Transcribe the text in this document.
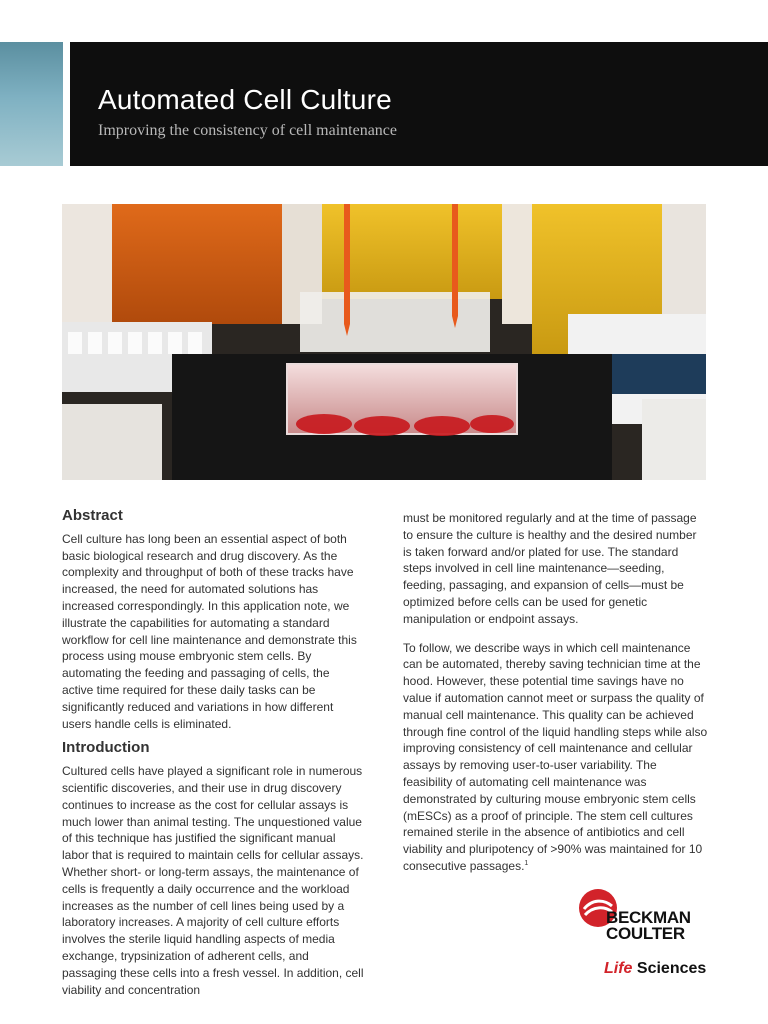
Automated Cell Culture
Improving the consistency of cell maintenance
Abstract

Cell culture has long been an essential aspect of both basic biological research and drug discovery. As the complexity and throughput of both of these tracks have increased, the need for automated solutions has increased correspondingly. In this application note, we illustrate the capabilities for automating a standard workflow for cell line maintenance and demonstrate this process using mouse embryonic stem cells. By automating the feeding and passaging of cells, the active time required for these daily tasks can be significantly reduced and variations in how different users handle cells is eliminated.

Introduction

Cultured cells have played a significant role in numerous scientific discoveries, and their use in drug discovery continues to increase as the cost for cellular assays is much lower than animal testing. The unquestioned value of this technique has justified the significant manual labor that is required to maintain cells for cellular assays. Whether short- or long-term assays, the maintenance of cells is frequently a daily occurrence and the workload increases as the number of cell lines being used by a laboratory increases. A majority of cell culture efforts involves the sterile liquid handling aspects of media exchange, trypsinization of adherent cells, and passaging these cells into a fresh vessel. In addition, cell viability and concentration

must be monitored regularly and at the time of passage to ensure the culture is healthy and the desired number is taken forward and/or plated for use. The standard steps involved in cell line maintenance—seeding, feeding, passaging, and expansion of cells—must be optimized before cells can be used for genetic manipulation or endpoint assays.

To follow, we describe ways in which cell maintenance can be automated, thereby saving technician time at the hood. However, these potential time savings have no value if automation cannot meet or surpass the quality of manual cell maintenance. This quality can be achieved through fine control of the liquid handling steps while also improving consistency of cell maintenance and cellular assays by removing user-to-user variability. The feasibility of automating cell maintenance was demonstrated by culturing mouse embryonic stem cells (mESCs) as a proof of principle. The stem cell cultures remained sterile in the absence of antibiotics and cell viability and pluripotency of >90% was maintained for 10 consecutive passages.$^1$

BECKMAN
COULTER
Life Sciences
